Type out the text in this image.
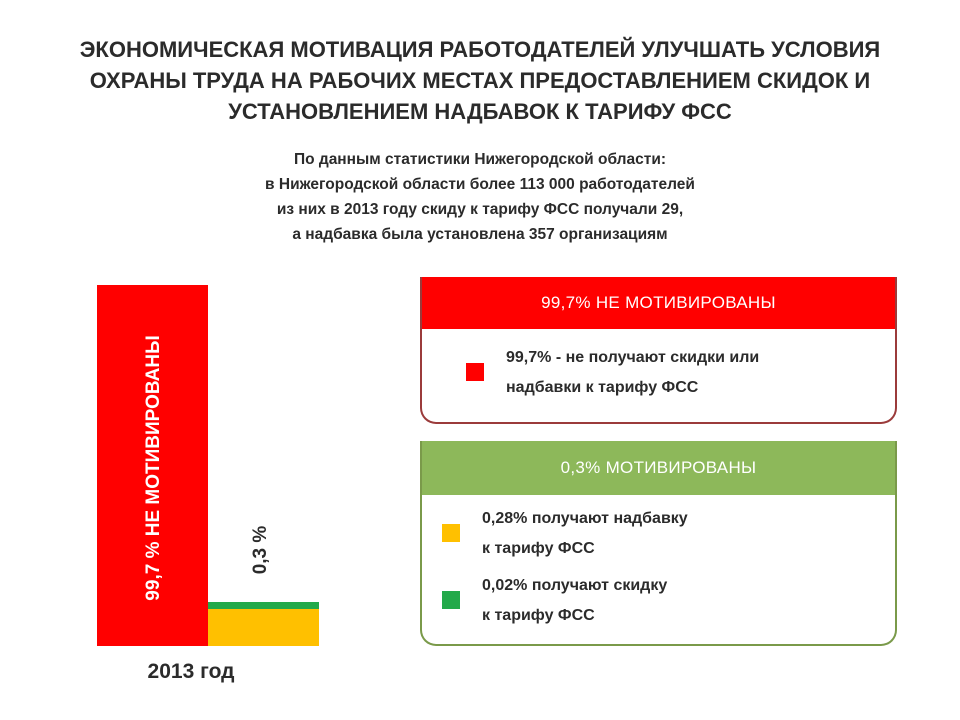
ЭКОНОМИЧЕСКАЯ МОТИВАЦИЯ РАБОТОДАТЕЛЕЙ УЛУЧШАТЬ УСЛОВИЯ
ОХРАНЫ ТРУДА НА РАБОЧИХ МЕСТАХ ПРЕДОСТАВЛЕНИЕМ СКИДОК И
УСТАНОВЛЕНИЕМ НАДБАВОК К ТАРИФУ ФСС
По данным статистики Нижегородской области:
в Нижегородской области более 113 000 работодателей
из них в 2013 году скиду к тарифу ФСС получали 29,
а надбавка была установлена 357 организациям
99,7 % НЕ МОТИВИРОВАНЫ	0,3 %
2013 год
99,7% НЕ МОТИВИРОВАНЫ
99,7% - не получают скидки или
надбавки к тарифу ФСС
0,3% МОТИВИРОВАНЫ
0,28% получают надбавку
к тарифу ФСС
0,02% получают скидку
к тарифу ФСС
